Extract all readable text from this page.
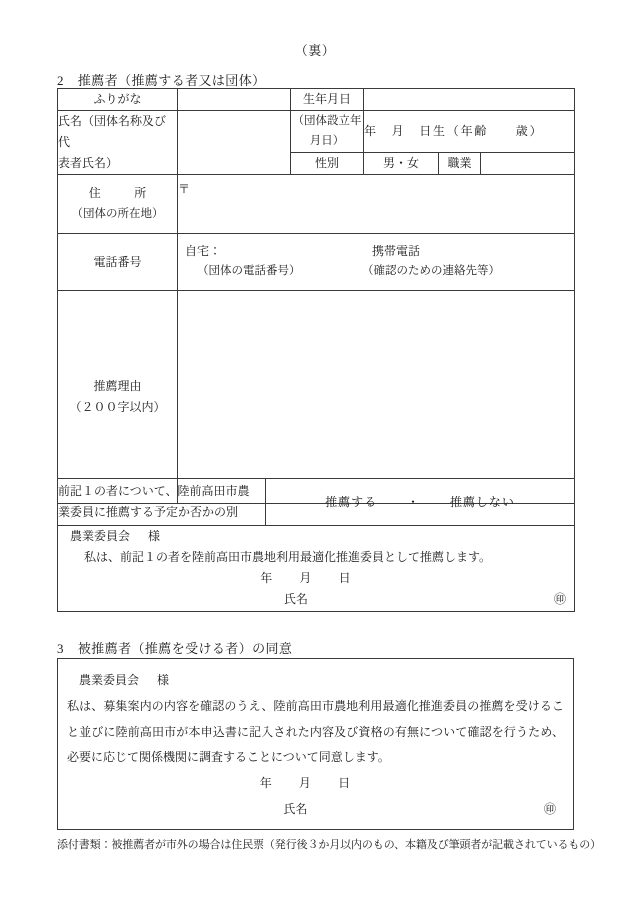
（裏）
2 推薦者（推薦する者又は団体）
ふりがな		生年月日			

氏名（団体名称及び代
表者氏名）		（団体設立年月日）	年　月　日生（年齢　　歳）		
		性別	男・女	職業	

住　所
（団体の所在地）	〒				
電話番号	自宅： 携帯電話
（団体の電話番号） （確認のための連絡先等）				

推薦理由
（２００字以内）					

前記１の者について、陸前高田市農
業委員に推薦する予定か否かの別
	推薦する	・	推薦しない

農業委員会 様
私は、前記１の者を陸前高田市農地利用最適化推進委員として推薦します。
年 月 日
氏名	㊞
3 被推薦者（推薦を受ける者）の同意
農業委員会 様
私は、募集案内の内容を確認のうえ、陸前高田市農地利用最適化推進委員の推薦を受けること並びに陸前高田市が本申込書に記入された内容及び資格の有無について確認を行うため、必要に応じて関係機関に調査することについて同意します。
年 月 日
氏名	㊞
添付書類：被推薦者が市外の場合は住民票（発行後３か月以内のもの、本籍及び筆頭者が記載されているもの）
